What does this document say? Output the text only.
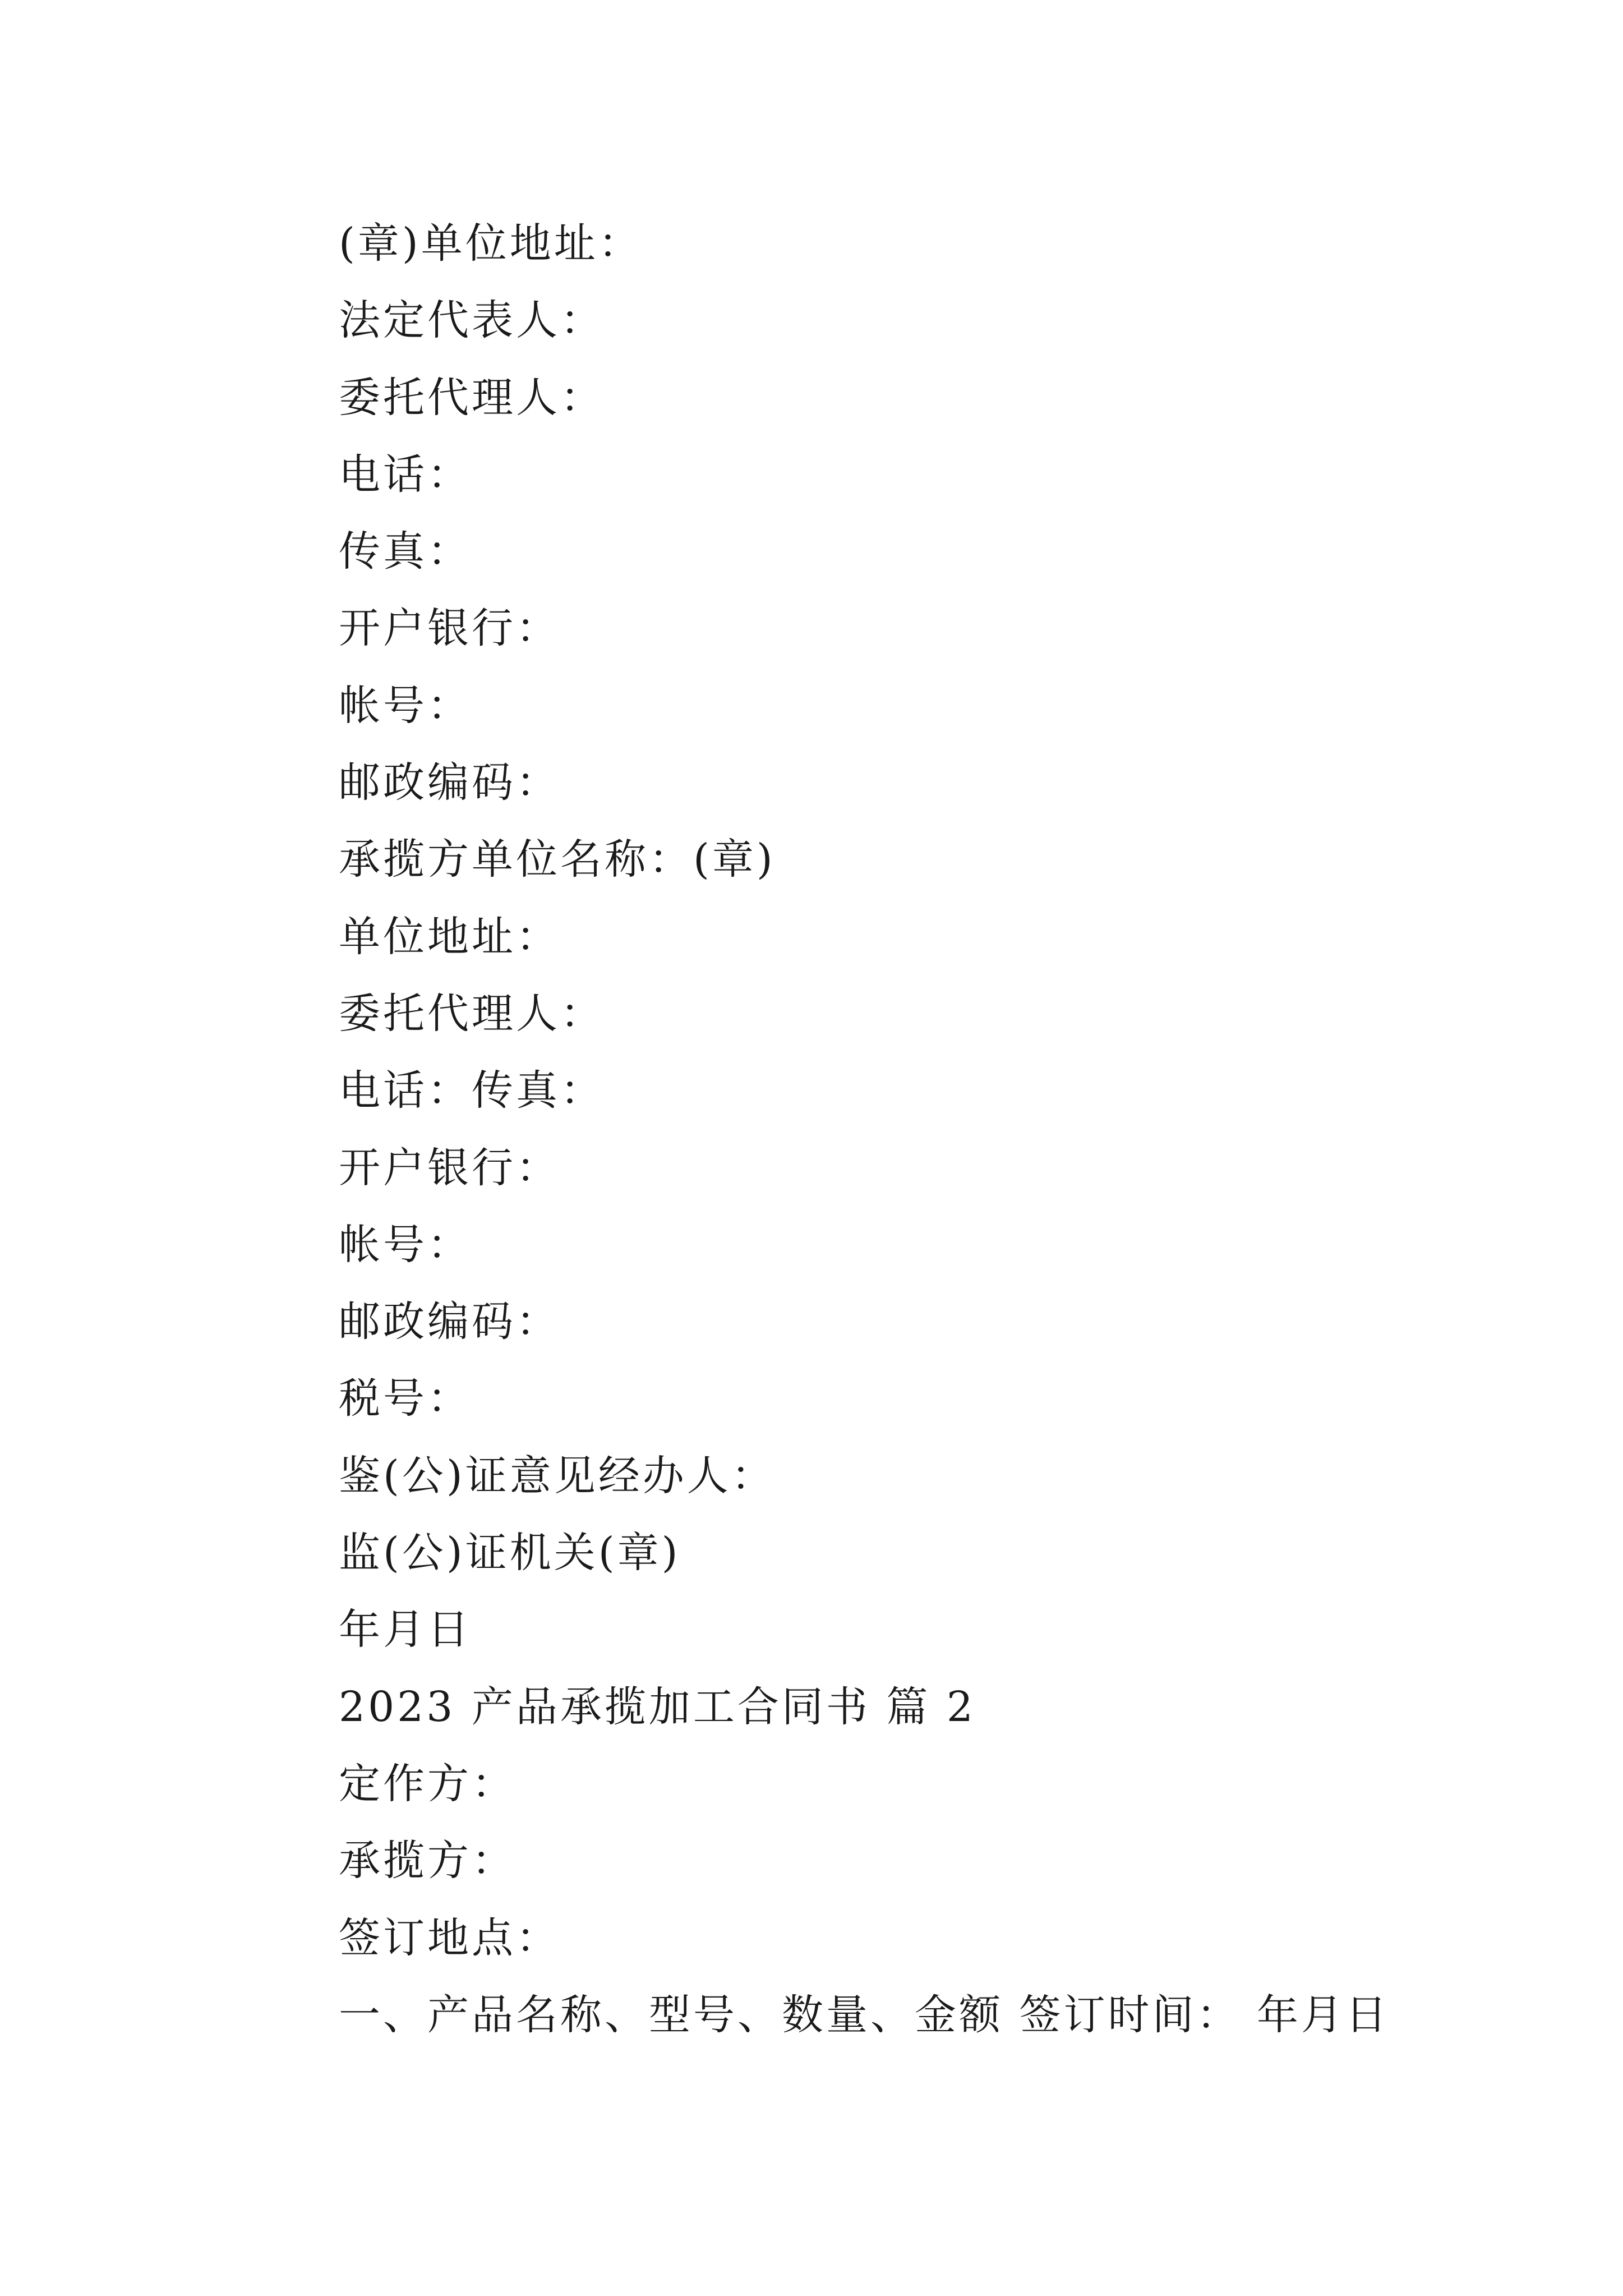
(章)单位地址：
法定代表人：
委托代理人：
电话：
传真：
开户银行：
帐号：
邮政编码：
承揽方单位名称：(章)
单位地址：
委托代理人：
电话：传真：
开户银行：
帐号：
邮政编码：
税号：
鉴(公)证意见经办人：
监(公)证机关(章)
年月日
2023 产品承揽加工合同书 篇 2
定作方：
承揽方：
签订地点：
一、产品名称、型号、数量、金额 签订时间： 年月日
